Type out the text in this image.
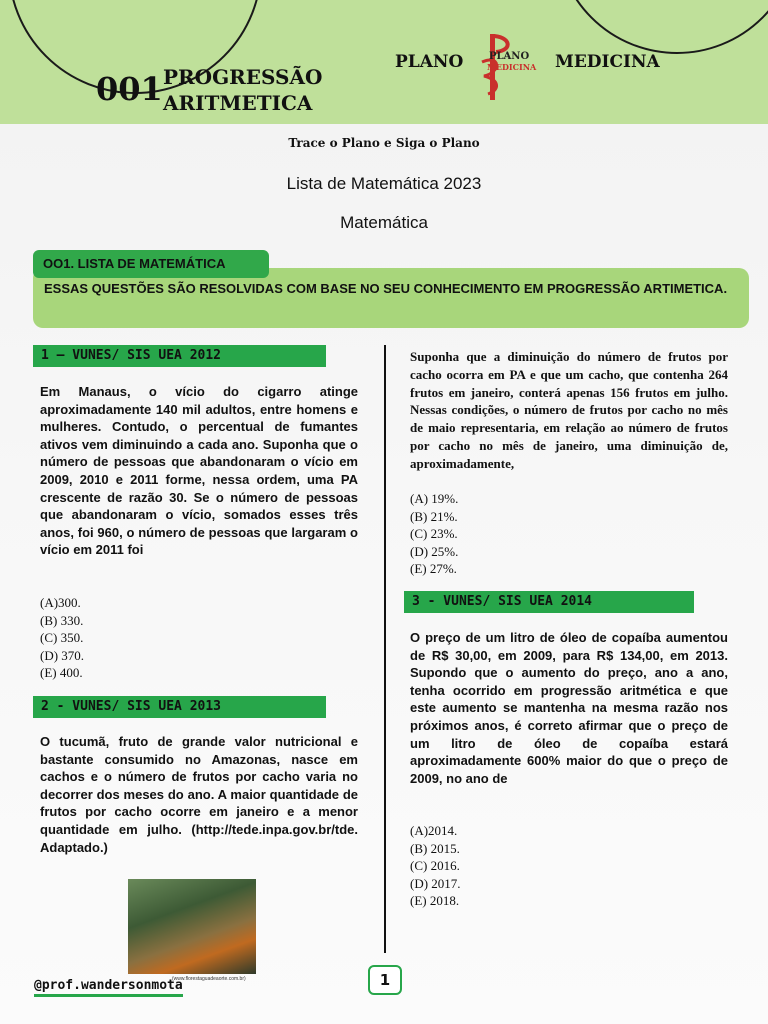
001 PROGRESSÃO
ARITMETICA
PLANO	PLANO
MEDICINA MEDICINA
Trace o Plano e Siga o Plano
Lista de Matemática 2023
Matemática
OO1. LISTA DE MATEMÁTICA
ESSAS QUESTÕES SÃO RESOLVIDAS COM BASE NO SEU CONHECIMENTO EM PROGRESSÃO ARTIMETICA.
1 – VUNES/ SIS UEA 2012
Em Manaus, o vício do cigarro atinge aproximadamente 140 mil adultos, entre homens e mulheres. Contudo, o percentual de fumantes ativos vem diminuindo a cada ano. Suponha que o número de pessoas que abandonaram o vício em 2009, 2010 e 2011 forme, nessa ordem, uma PA crescente de razão 30. Se o número de pessoas que abandonaram o vício, somados esses três anos, foi 960, o número de pessoas que largaram o vício em 2011 foi

(A)300.

(B) 330.

(C) 350.

(D) 370.

(E) 400.

2 - VUNES/ SIS UEA 2013
O tucumã, fruto de grande valor nutricional e bastante consumido no Amazonas, nasce em cachos e o número de frutos por cacho varia no decorrer dos meses do ano. A maior quantidade de frutos por cacho ocorre em janeiro e a menor quantidade em julho. (http://tede.inpa.gov.br/tde. Adaptado.)
(www.florestaguadeaorte.com.br)
Suponha que a diminuição do número de frutos por cacho ocorra em PA e que um cacho, que contenha 264 frutos em janeiro, conterá apenas 156 frutos em julho. Nessas condições, o número de frutos por cacho no mês de maio representaria, em relação ao número de frutos por cacho no mês de janeiro, uma diminuição de, aproximadamente,

(A) 19%.

(B) 21%.

(C) 23%.

(D) 25%.

(E) 27%.

3 - VUNES/ SIS UEA 2014
O preço de um litro de óleo de copaíba aumentou de R$ 30,00, em 2009, para R$ 134,00, em 2013. Supondo que o aumento do preço, ano a ano, tenha ocorrido em progressão aritmética e que este aumento se mantenha na mesma razão nos próximos anos, é correto afirmar que o preço de um litro de óleo de copaíba estará aproximadamente 600% maior do que o preço de 2009, no ano de

(A)2014.

(B) 2015.

(C) 2016.

(D) 2017.

(E) 2018.

@prof.wandersonmota	1
